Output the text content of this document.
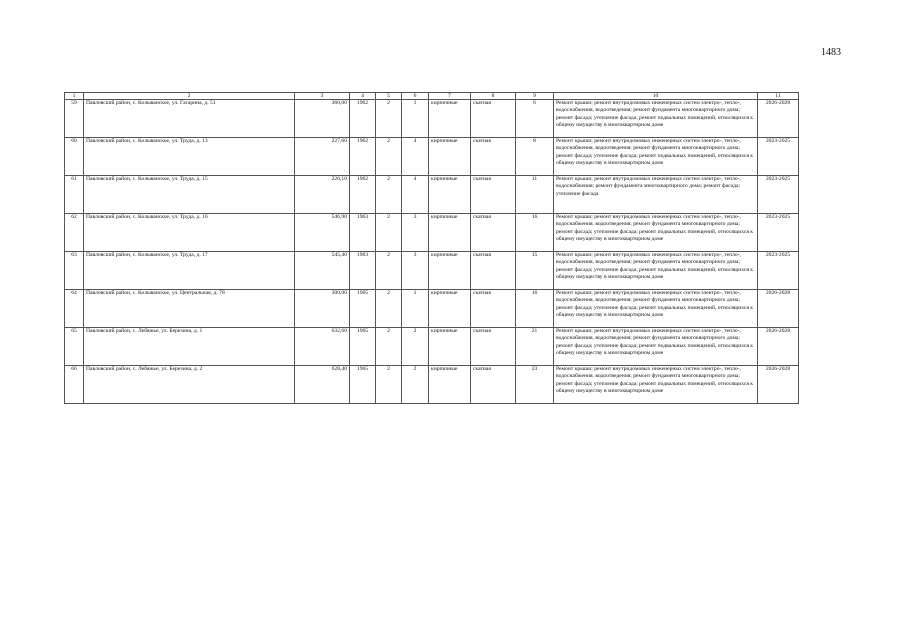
1483
1	2	3	4	5	6	7	8	9	10	11
59	Павловский район, с. Колыванское, ул. Гагарина, д. 51	360,00	1962	2	1	кирпичные	скатная	6	Ремонт крыши; ремонт внутридомовых инженерных систем электро-, тепло-, водоснабжения, водоотведения; ремонт фундамента многоквартирного дома; ремонт фасада; утепление фасада; ремонт подвальных помещений, относящихся к общему имуществу в многоквартирном доме	2026-2028
60	Павловский район, с. Колыванское, ул. Труда, д. 13	227,60	1962	2	4	кирпичные	скатная	8	Ремонт крыши; ремонт внутридомовых инженерных систем электро-, тепло-, водоснабжения, водоотведения; ремонт фундамента многоквартирного дома; ремонт фасада; утепление фасада; ремонт подвальных помещений, относящихся к общему имуществу в многоквартирном доме	2023-2025
61	Павловский район, с. Колыванское, ул. Труда, д. 15	226,10	1962	2	4	кирпичные	скатная	11	Ремонт крыши; ремонт внутридомовых инженерных систем электро-, тепло-, водоснабжения; ремонт фундамента многоквартирного дома; ремонт фасада; утепление фасада	2023-2025
62	Павловский район, с. Колыванское, ул. Труда, д. 16	546,90	1963	2	3	кирпичные	скатная	16	Ремонт крыши; ремонт внутридомовых инженерных систем электро-, тепло-, водоснабжения, водоотведения; ремонт фундамента многоквартирного дома; ремонт фасада; утепление фасада; ремонт подвальных помещений, относящихся к общему имуществу в многоквартирном доме	2023-2025
63	Павловский район, с. Колыванское, ул. Труда, д. 17	545,40	1963	2	3	кирпичные	скатная	15	Ремонт крыши; ремонт внутридомовых инженерных систем электро-, тепло-, водоснабжения, водоотведения; ремонт фундамента многоквартирного дома; ремонт фасада; утепление фасада; ремонт подвальных помещений, относящихся к общему имуществу в многоквартирном доме	2023-2025
64	Павловский район, с. Колыванское, ул. Центральная, д. 78	300,00	1965	2	1	кирпичные	скатная	16	Ремонт крыши; ремонт внутридомовых инженерных систем электро-, тепло-, водоснабжения, водоотведения; ремонт фундамента многоквартирного дома; ремонт фасада; утепление фасада; ремонт подвальных помещений, относящихся к общему имуществу в многоквартирном доме	2026-2028
65	Павловский район, с. Лебяжье, ул. Березина, д. 1	632,60	1965	2	2	кирпичные	скатная	21	Ремонт крыши; ремонт внутридомовых инженерных систем электро-, тепло-, водоснабжения, водоотведения; ремонт фундамента многоквартирного дома; ремонт фасада; утепление фасада; ремонт подвальных помещений, относящихся к общему имуществу в многоквартирном доме	2026-2028
66	Павловский район, с. Лебяжье, ул. Березина, д. 2	628,40	1965	2	2	кирпичные	скатная	23	Ремонт крыши; ремонт внутридомовых инженерных систем электро-, тепло-, водоснабжения, водоотведения; ремонт фундамента многоквартирного дома; ремонт фасада; утепление фасада; ремонт подвальных помещений, относящихся к общему имуществу в многоквартирном доме	2026-2028
